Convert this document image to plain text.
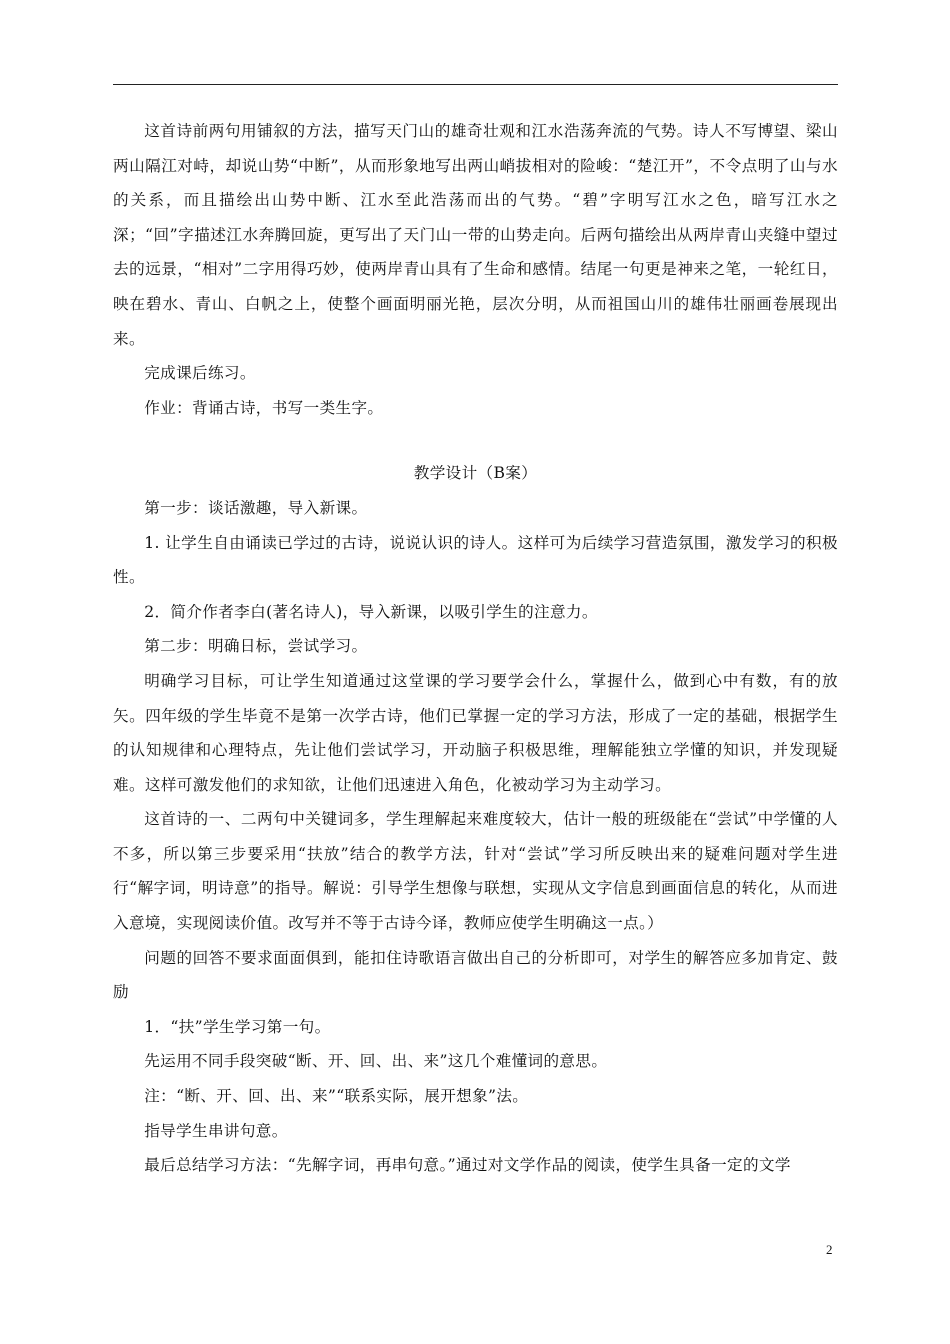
这首诗前两句用铺叙的方法，描写天门山的雄奇壮观和江水浩荡奔流的气势。诗人不写博望、梁山两山隔江对峙，却说山势“中断”，从而形象地写出两山峭拔相对的险峻：“楚江开”，不令点明了山与水的关系，而且描绘出山势中断、江水至此浩荡而出的气势。“碧”字明写江水之色，暗写江水之深；“回”字描述江水奔腾回旋，更写出了天门山一带的山势走向。后两句描绘出从两岸青山夹缝中望过去的远景，“相对”二字用得巧妙，使两岸青山具有了生命和感情。结尾一句更是神来之笔，一轮红日，映在碧水、青山、白帆之上，使整个画面明丽光艳，层次分明，从而祖国山川的雄伟壮丽画卷展现出来。

完成课后练习。

作业：背诵古诗，书写一类生字。

教学设计（B案）

第一步：谈话激趣，导入新课。

1. 让学生自由诵读已学过的古诗，说说认识的诗人。这样可为后续学习营造氛围，激发学习的积极性。

2．简介作者李白(著名诗人)，导入新课，以吸引学生的注意力。

第二步：明确日标，尝试学习。

明确学习目标，可让学生知道通过这堂课的学习要学会什么，掌握什么，做到心中有数，有的放矢。四年级的学生毕竟不是第一次学古诗，他们已掌握一定的学习方法，形成了一定的基础，根据学生的认知规律和心理特点，先让他们尝试学习，开动脑子积极思维，理解能独立学懂的知识，并发现疑难。这样可激发他们的求知欲，让他们迅速进入角色，化被动学习为主动学习。

这首诗的一、二两句中关键词多，学生理解起来难度较大，估计一般的班级能在“尝试”中学懂的人不多，所以第三步要采用“扶放”结合的教学方法，针对“尝试”学习所反映出来的疑难问题对学生进行“解字词，明诗意”的指导。解说：引导学生想像与联想，实现从文字信息到画面信息的转化，从而进入意境，实现阅读价值。改写并不等于古诗今译，教师应使学生明确这一点。）

问题的回答不要求面面俱到，能扣住诗歌语言做出自己的分析即可，对学生的解答应多加肯定、鼓励

1．“扶”学生学习第一句。

先运用不同手段突破“断、开、回、出、来”这几个难懂词的意思。

注：“断、开、回、出、来”“联系实际，展开想象”法。

指导学生串讲句意。

最后总结学习方法：“先解字词，再串句意。”通过对文学作品的阅读，使学生具备一定的文学

2
